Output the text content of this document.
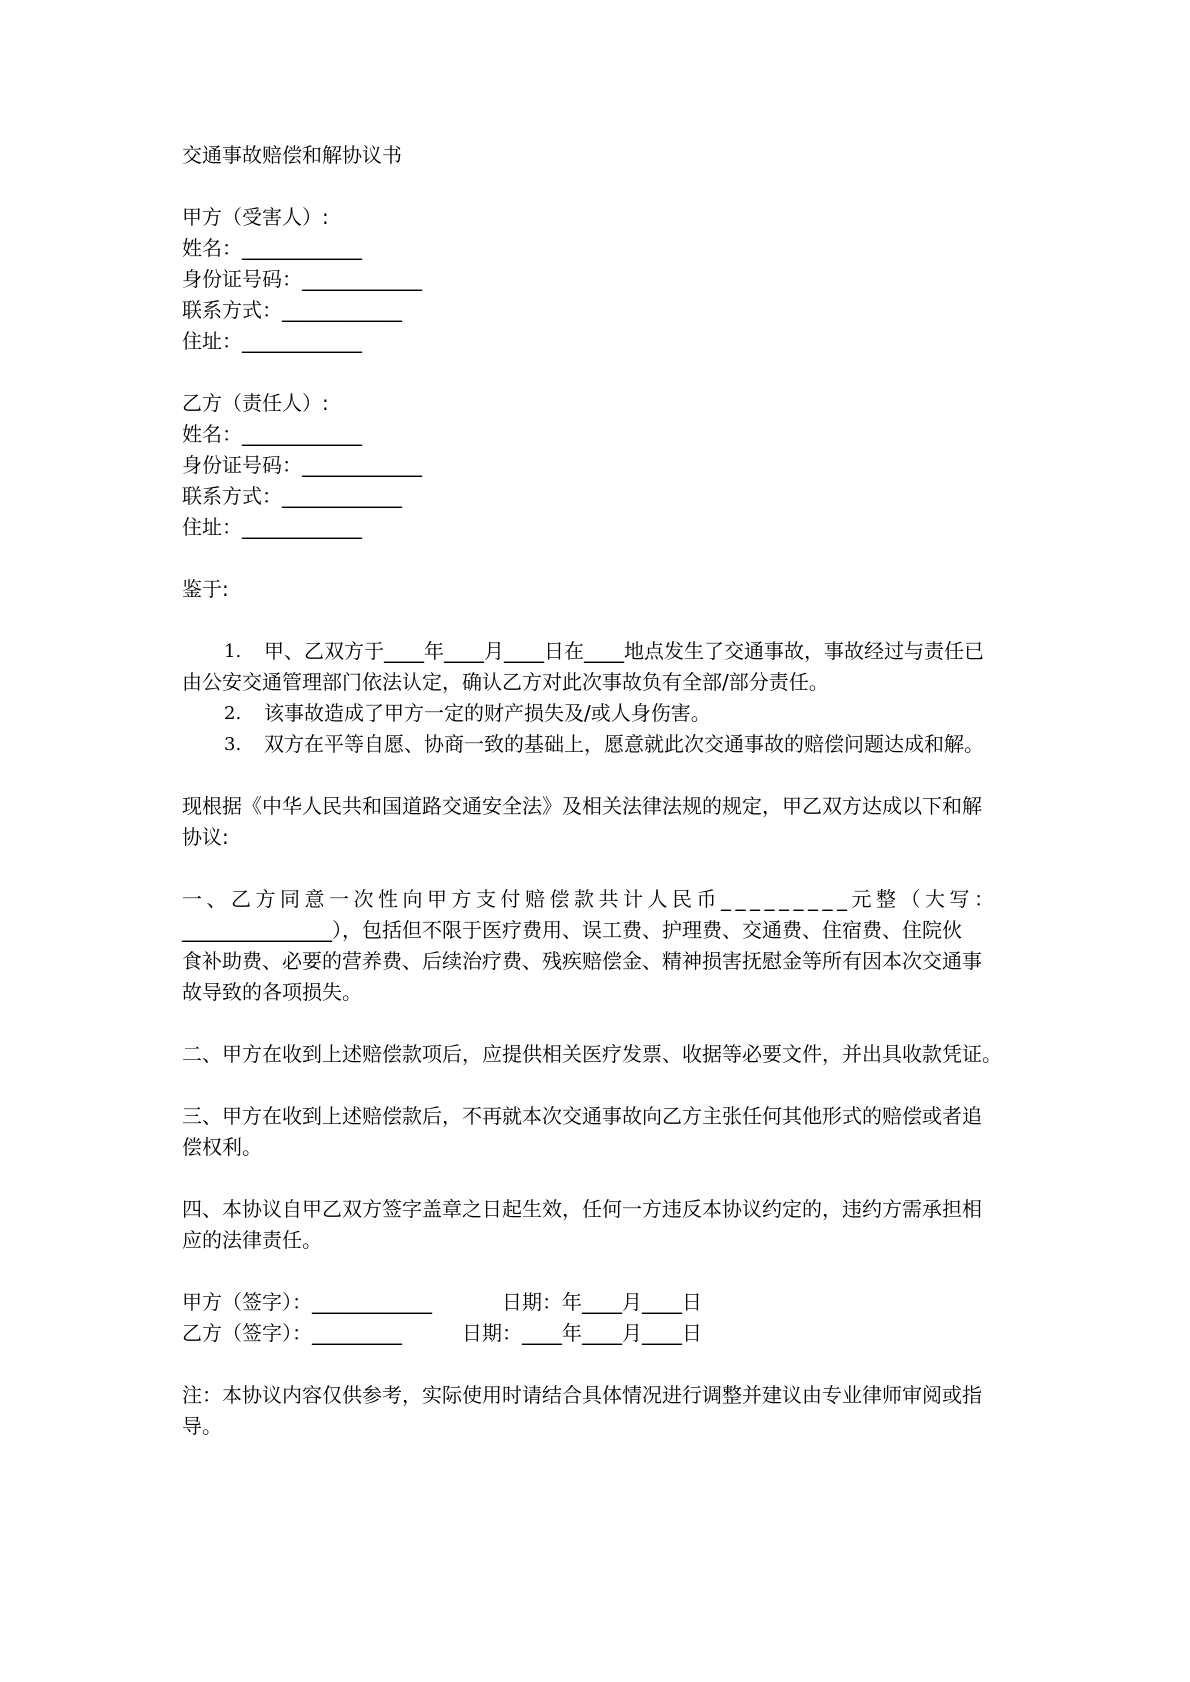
交通事故赔偿和解协议书
甲方（受害人）:
姓名：____________
身份证号码：____________
联系方式：____________
住址：____________
乙方（责任人）:
姓名：____________
身份证号码：____________
联系方式：____________
住址：____________
鉴于:
1.	甲、乙双方于____年____月____日在____地点发生了交通事故，事故经过与责任已
由公安交通管理部门依法认定，确认乙方对此次事故负有全部/部分责任。
2.	该事故造成了甲方一定的财产损失及/或人身伤害。
3.	双方在平等自愿、协商一致的基础上，愿意就此次交通事故的赔偿问题达成和解。
现根据《中华人民共和国道路交通安全法》及相关法律法规的规定，甲乙双方达成以下和解
协议:
一、乙方同意一次性向甲方支付赔偿款共计人民币_________元整（大写：
_______________），包括但不限于医疗费用、误工费、护理费、交通费、住宿费、住院伙
食补助费、必要的营养费、后续治疗费、残疾赔偿金、精神损害抚慰金等所有因本次交通事
故导致的各项损失。
二、甲方在收到上述赔偿款项后，应提供相关医疗发票、收据等必要文件，并出具收款凭证。
三、甲方在收到上述赔偿款后，不再就本次交通事故向乙方主张任何其他形式的赔偿或者追
偿权利。
四、本协议自甲乙双方签字盖章之日起生效，任何一方违反本协议约定的，违约方需承担相
应的法律责任。
甲方（签字）：____________	日期：年____月____日
乙方（签字）：_________	日期：____年____月____日
注：本协议内容仅供参考，实际使用时请结合具体情况进行调整并建议由专业律师审阅或指
导。
